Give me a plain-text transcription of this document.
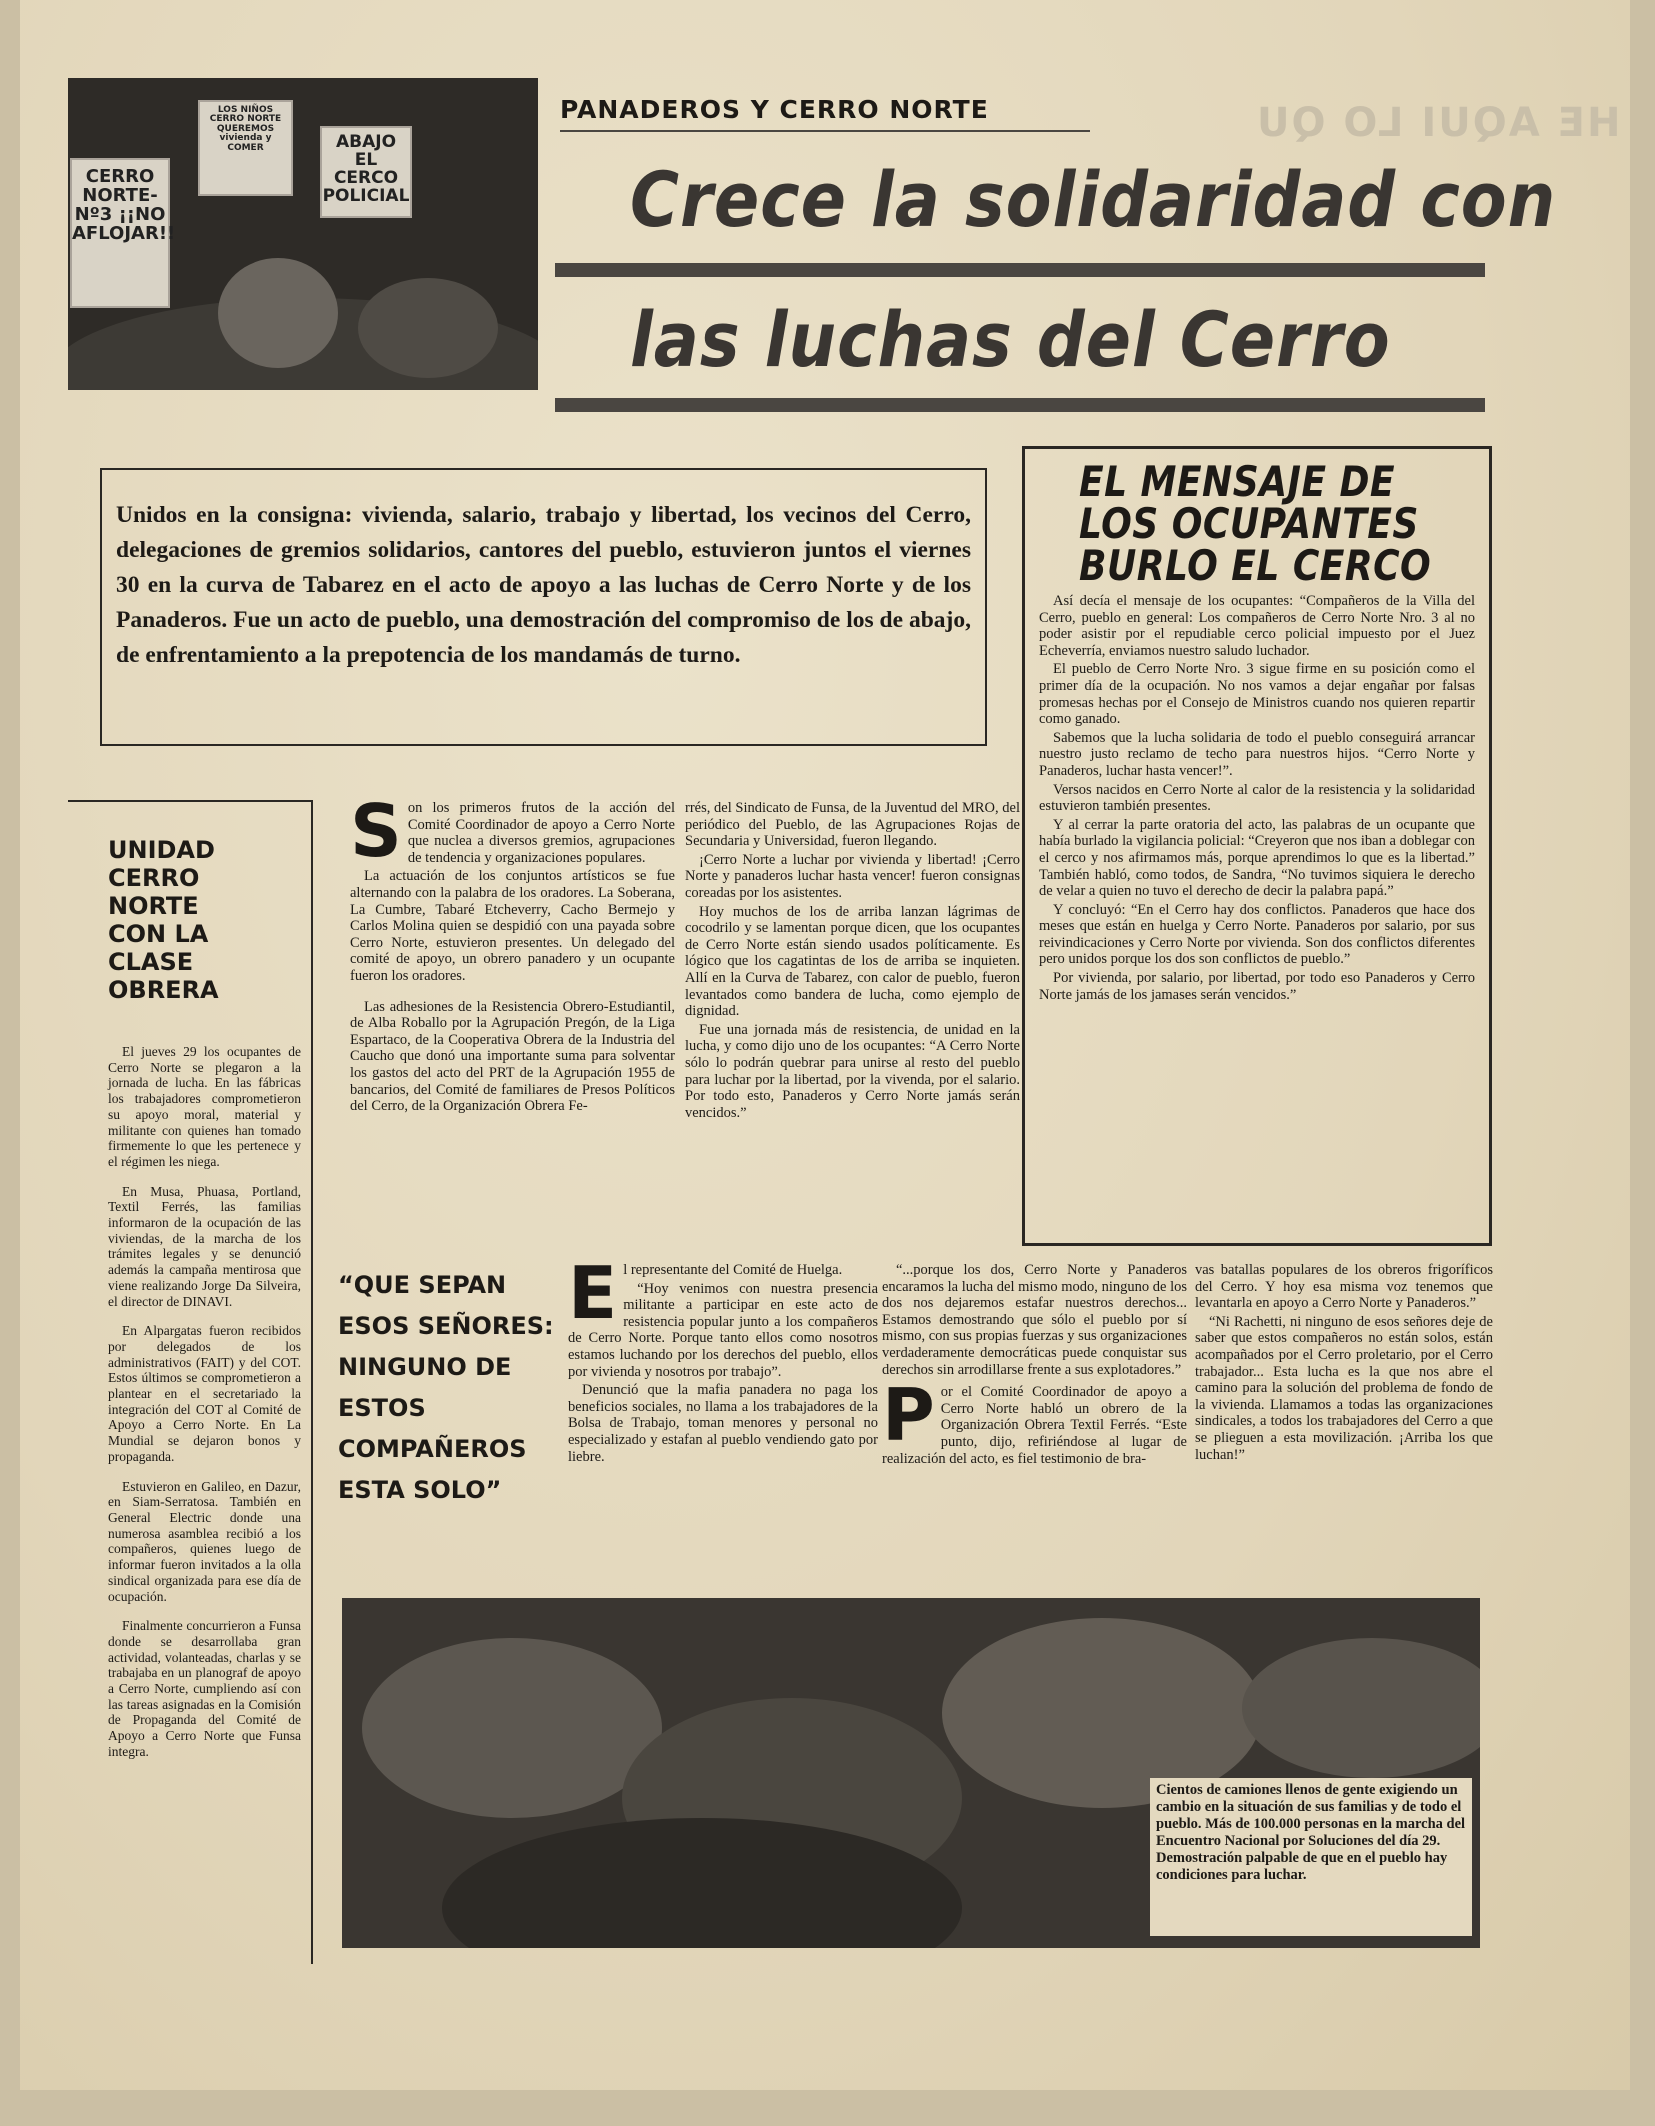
HE AQUI LO QU
CERRO NORTE-Nº3 ¡¡NO AFLOJAR!!
LOS NIÑOS CERRO NORTE QUEREMOS vivienda y COMER	ABAJO EL CERCO POLICIAL
PANADEROS Y CERRO NORTE
Crece la solidaridad con
las luchas del Cerro
Unidos en la consigna: vivienda, salario, trabajo y libertad, los vecinos del Cerro, delegaciones de gremios solidarios, cantores del pueblo, estuvieron juntos el viernes 30 en la curva de Tabarez en el acto de apoyo a las luchas de Cerro Norte y de los Panaderos. Fue un acto de pueblo, una demostración del compromiso de los de abajo, de enfrentamiento a la prepotencia de los mandamás de turno.
EL MENSAJE DE
LOS OCUPANTES
BURLO EL CERCO

Así decía el mensaje de los ocupantes: “Compañeros de la Villa del Cerro, pueblo en general: Los compañeros de Cerro Norte Nro. 3 al no poder asistir por el repudiable cerco policial impuesto por el Juez Echeverría, enviamos nuestro saludo luchador.

El pueblo de Cerro Norte Nro. 3 sigue firme en su posición como el primer día de la ocupación. No nos vamos a dejar engañar por falsas promesas hechas por el Consejo de Ministros cuando nos quieren repartir como ganado.

Sabemos que la lucha solidaria de todo el pueblo conseguirá arrancar nuestro justo reclamo de techo para nuestros hijos. “Cerro Norte y Panaderos, luchar hasta vencer!”.

Versos nacidos en Cerro Norte al calor de la resistencia y la solidaridad estuvieron también presentes.

Y al cerrar la parte oratoria del acto, las palabras de un ocupante que había burlado la vigilancia policial: “Creyeron que nos iban a doblegar con el cerco y nos afirmamos más, porque aprendimos lo que es la libertad.” También habló, como todos, de Sandra, “No tuvimos siquiera le derecho de velar a quien no tuvo el derecho de decir la palabra papá.”

Y concluyó: “En el Cerro hay dos conflictos. Panaderos que hace dos meses que están en huelga y Cerro Norte. Panaderos por salario, por sus reivindicaciones y Cerro Norte por vivienda. Son dos conflictos diferentes pero unidos porque los dos son conflictos de pueblo.”

Por vivienda, por salario, por libertad, por todo eso Panaderos y Cerro Norte jamás de los jamases serán vencidos.”

UNIDAD CERRO NORTE CON LA CLASE OBRERA

El jueves 29 los ocupantes de Cerro Norte se plegaron a la jornada de lucha. En las fábricas los trabajadores comprometieron su apoyo moral, material y militante con quienes han tomado firmemente lo que les pertenece y el régimen les niega.

En Musa, Phuasa, Portland, Textil Ferrés, las familias informaron de la ocupación de las viviendas, de la marcha de los trámites legales y se denunció además la campaña mentirosa que viene realizando Jorge Da Silveira, el director de DINAVI.

En Alpargatas fueron recibidos por delegados de los administrativos (FAIT) y del COT. Estos últimos se comprometieron a plantear en el secretariado la integración del COT al Comité de Apoyo a Cerro Norte. En La Mundial se dejaron bonos y propaganda.

Estuvieron en Galileo, en Dazur, en Siam-Serratosa. También en General Electric donde una numerosa asamblea recibió a los compañeros, quienes luego de informar fueron invitados a la olla sindical organizada para ese día de ocupación.

Finalmente concurrieron a Funsa donde se desarrollaba gran actividad, volanteadas, charlas y se trabajaba en un planograf de apoyo a Cerro Norte, cumpliendo así con las tareas asignadas en la Comisión de Propaganda del Comité de Apoyo a Cerro Norte que Funsa integra.

S on los primeros frutos de la acción del Comité Coordinador de apoyo a Cerro Norte que nuclea a diversos gremios, agrupaciones de tendencia y organizaciones populares.

La actuación de los conjuntos artísticos se fue alternando con la palabra de los oradores. La Soberana, La Cumbre, Tabaré Etcheverry, Cacho Bermejo y Carlos Molina quien se despidió con una payada sobre Cerro Norte, estuvieron presentes. Un delegado del comité de apoyo, un obrero panadero y un ocupante fueron los oradores.

Las adhesiones de la Resistencia Obrero-Estudiantil, de Alba Roballo por la Agrupación Pregón, de la Liga Espartaco, de la Cooperativa Obrera de la Industria del Caucho que donó una importante suma para solventar los gastos del acto del PRT de la Agrupación 1955 de bancarios, del Comité de familiares de Presos Políticos del Cerro, de la Organización Obrera Fe-

rrés, del Sindicato de Funsa, de la Juventud del MRO, del periódico del Pueblo, de las Agrupaciones Rojas de Secundaria y Universidad, fueron llegando.

¡Cerro Norte a luchar por vivienda y libertad! ¡Cerro Norte y panaderos luchar hasta vencer! fueron consignas coreadas por los asistentes.

Hoy muchos de los de arriba lanzan lágrimas de cocodrilo y se lamentan porque dicen, que los ocupantes de Cerro Norte están siendo usados políticamente. Es lógico que los cagatintas de los de arriba se inquieten. Allí en la Curva de Tabarez, con calor de pueblo, fueron levantados como bandera de lucha, como ejemplo de dignidad.

Fue una jornada más de resistencia, de unidad en la lucha, y como dijo uno de los ocupantes: “A Cerro Norte sólo lo podrán quebrar para unirse al resto del pueblo para luchar por la libertad, por la vivenda, por el salario. Por todo esto, Panaderos y Cerro Norte jamás serán vencidos.”

“QUE SEPAN ESOS SEÑORES: NINGUNO DE ESTOS COMPAÑEROS ESTA SOLO”
E l representante del Comité de Huelga.

“Hoy venimos con nuestra presencia militante a participar en este acto de resistencia popular junto a los compañeros de Cerro Norte. Porque tanto ellos como nosotros estamos luchando por los derechos del pueblo, ellos por vivienda y nosotros por trabajo”.

Denunció que la mafia panadera no paga los beneficios sociales, no llama a los trabajadores de la Bolsa de Trabajo, toman menores y personal no especializado y estafan al pueblo vendiendo gato por liebre.

“...porque los dos, Cerro Norte y Panaderos encaramos la lucha del mismo modo, ninguno de los dos nos dejaremos estafar nuestros derechos... Estamos demostrando que sólo el pueblo por sí mismo, con sus propias fuerzas y sus organizaciones verdaderamente democráticas puede conquistar sus derechos sin arrodillarse frente a sus explotadores.”

P or el Comité Coordinador de apoyo a Cerro Norte habló un obrero de la Organización Obrera Textil Ferrés. “Este punto, dijo, refiriéndose al lugar de realización del acto, es fiel testimonio de bra-

vas batallas populares de los obreros frigoríficos del Cerro. Y hoy esa misma voz tenemos que levantarla en apoyo a Cerro Norte y Panaderos.”

“Ni Rachetti, ni ninguno de esos señores deje de saber que estos compañeros no están solos, están acompañados por el Cerro proletario, por el Cerro trabajador... Esta lucha es la que nos abre el camino para la solución del problema de fondo de la vivienda. Llamamos a todas las organizaciones sindicales, a todos los trabajadores del Cerro a que se plieguen a esta movilización. ¡Arriba los que luchan!”

Cientos de camiones llenos de gente exigiendo un cambio en la situación de sus familias y de todo el pueblo. Más de 100.000 personas en la marcha del Encuentro Nacional por Soluciones del día 29. Demostración palpable de que en el pueblo hay condiciones para luchar.
